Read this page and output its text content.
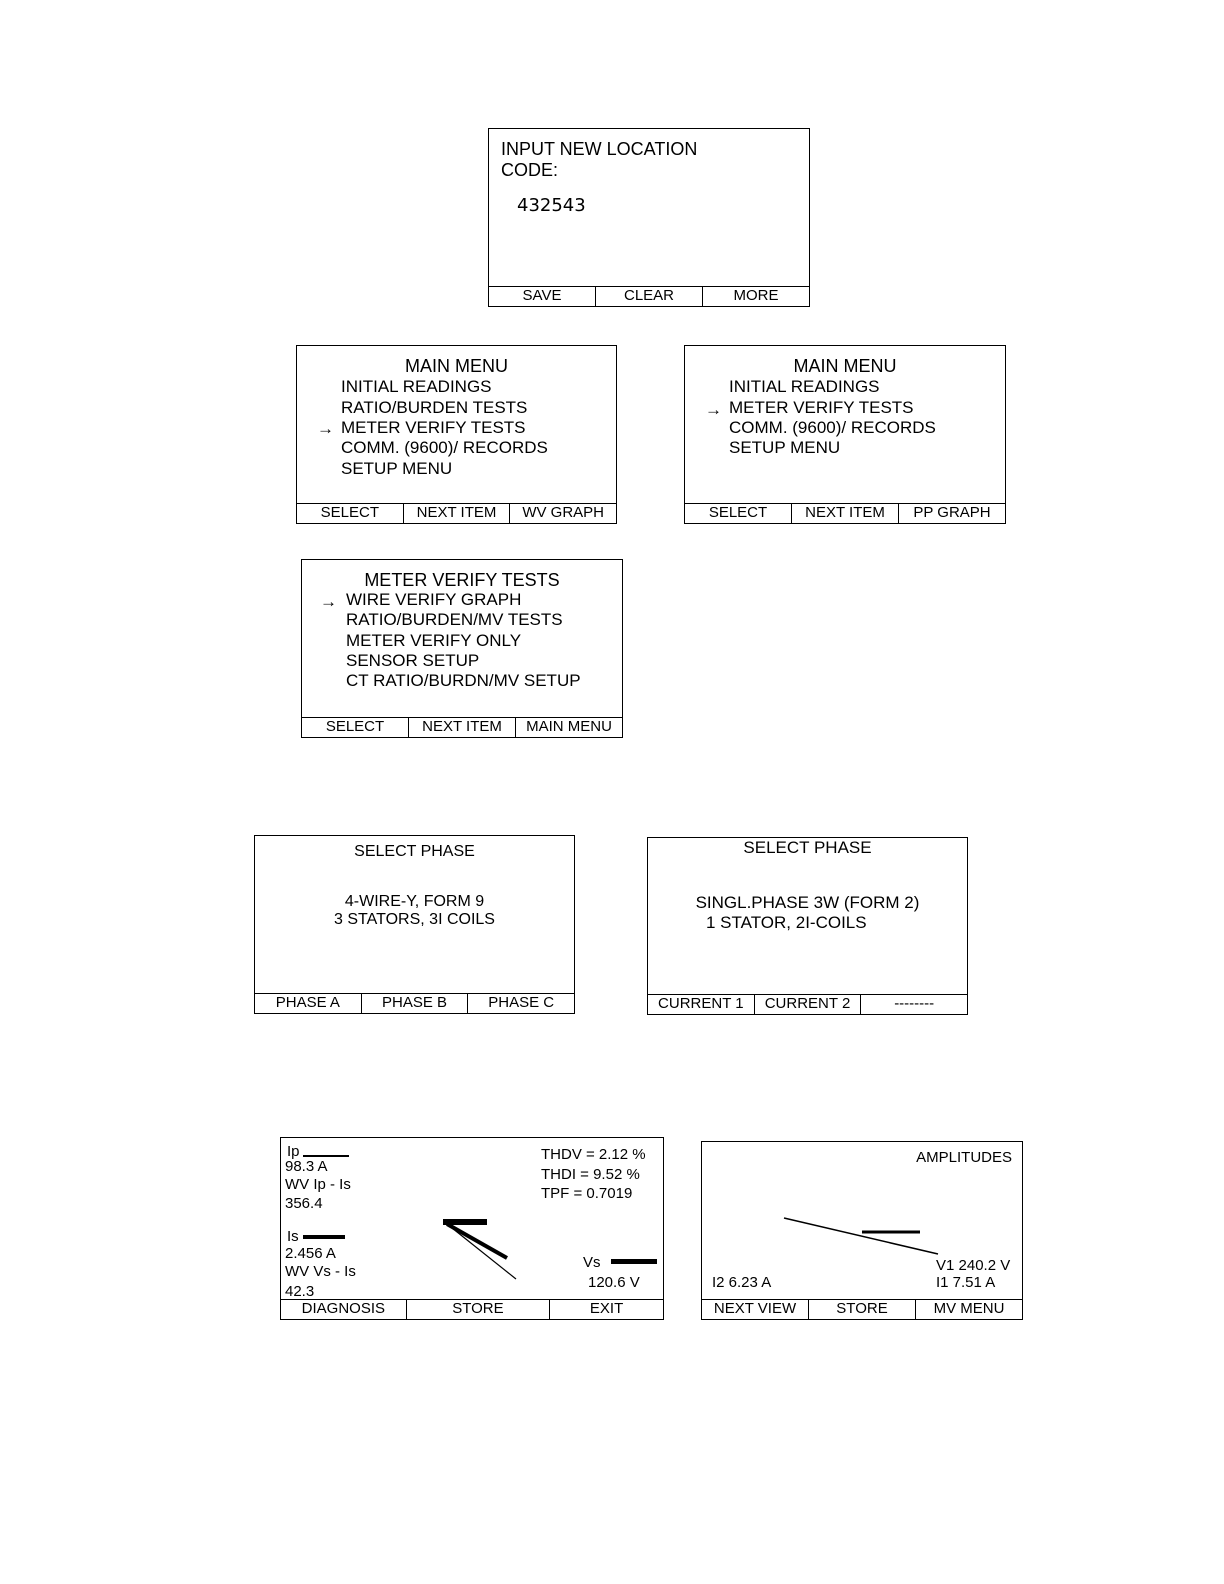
INPUT NEW LOCATION
CODE:
432543
SAVE	CLEAR	MORE
MAIN MENU
INITIAL READINGS
RATIO/BURDEN TESTS
→ METER VERIFY TESTS
COMM. (9600)/ RECORDS
SETUP MENU
SELECT	NEXT ITEM	WV GRAPH
MAIN MENU
INITIAL READINGS
→ METER VERIFY TESTS
COMM. (9600)/ RECORDS
SETUP MENU
SELECT	NEXT ITEM	PP GRAPH
METER VERIFY TESTS
→ WIRE VERIFY GRAPH
RATIO/BURDEN/MV TESTS
METER VERIFY ONLY
SENSOR SETUP
CT RATIO/BURDN/MV SETUP
SELECT	NEXT ITEM	MAIN MENU
SELECT PHASE
4-WIRE-Y, FORM 9
3 STATORS, 3I COILS
PHASE A	PHASE B	PHASE C
SELECT PHASE
SINGL.PHASE 3W (FORM 2)
1 STATOR, 2I-COILS
CURRENT 1	CURRENT 2	--------
Ip
98.3 A
WV Ip - Is
356.4
Is
2.456 A
WV Vs - Is
42.3
THDV = 2.12 %
THDI = 9.52 %
TPF = 0.7019
Vs
120.6 V
DIAGNOSIS	STORE	EXIT
AMPLITUDES
V1 240.2 V
I1 7.51 A
I2 6.23 A
NEXT VIEW	STORE	MV MENU
